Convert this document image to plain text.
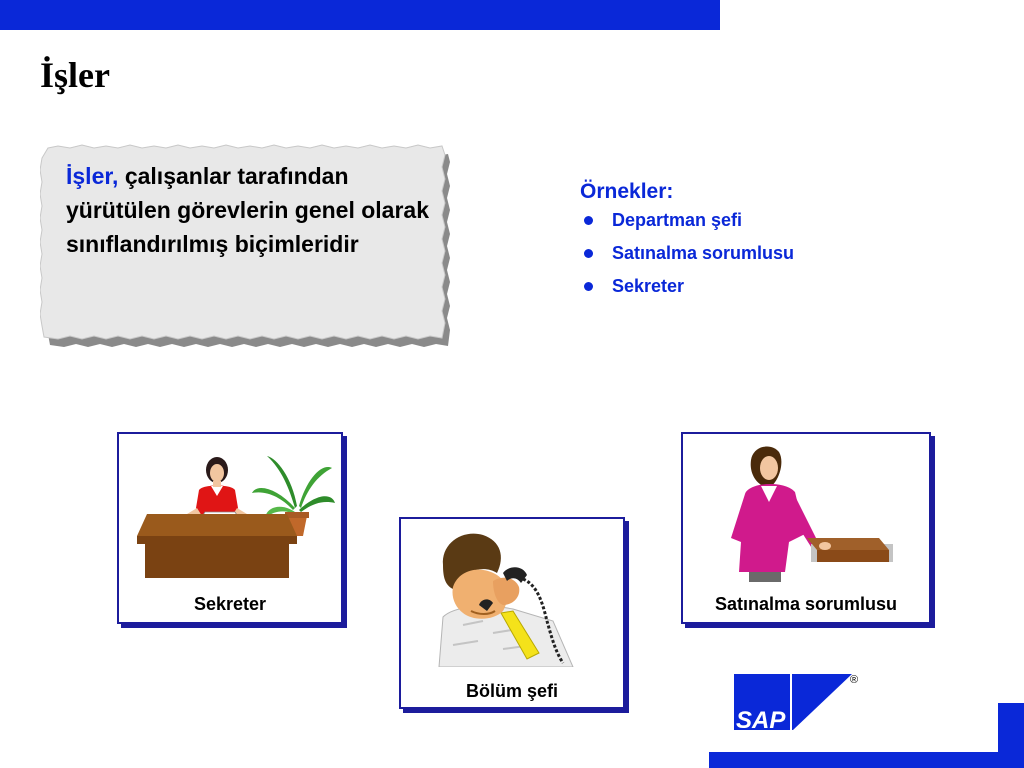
İşler
İşler, çalışanlar tarafından yürütülen görevlerin genel olarak sınıflandırılmış biçimleridir
Örnekler:
Departman şefi
Satınalma sorumlusu
Sekreter
Sekreter
Bölüm şefi
Satınalma sorumlusu
SAP
®
